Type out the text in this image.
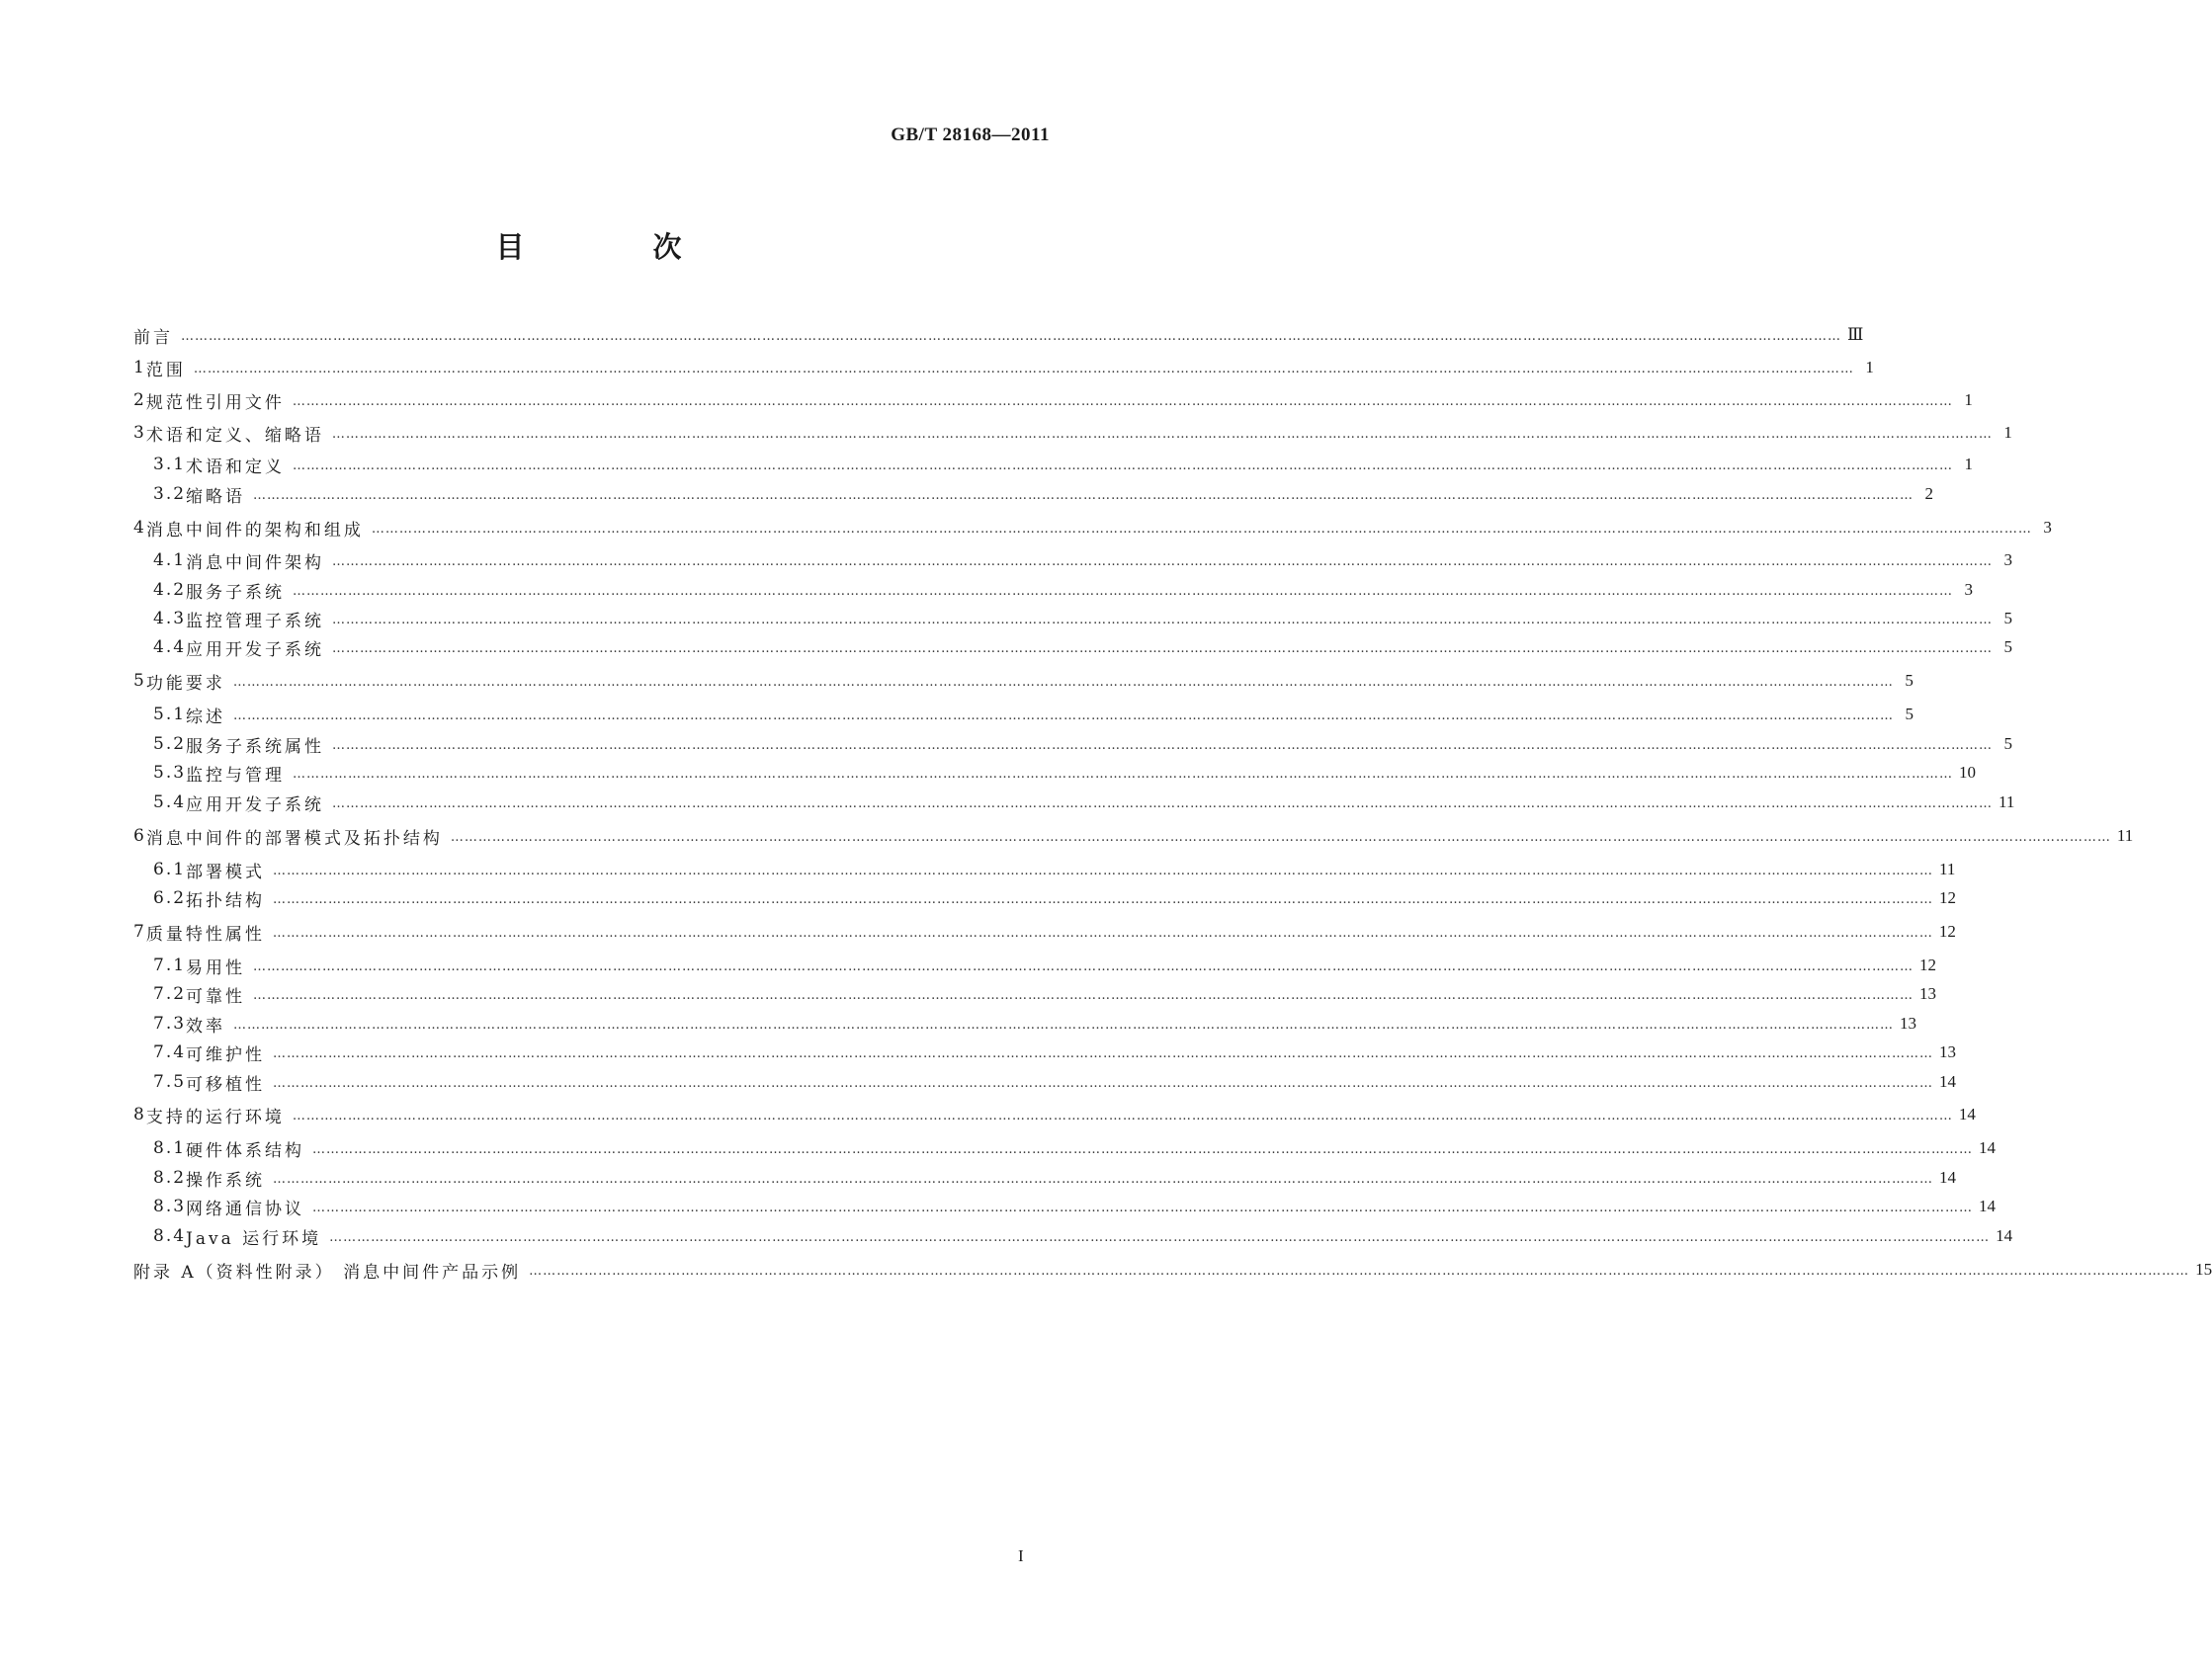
GB/T 28168—2011
目 次
前言 ……………………………………………………………………………………………………………………………………………………………………………………………………………………………………………………………………………………………………………………………… Ⅲ
1 范围 ……………………………………………………………………………………………………………………………………………………………………………………………………………………………………………………………………………………………………………………………… 1
2 规范性引用文件 ……………………………………………………………………………………………………………………………………………………………………………………………………………………………………………………………………………………………………………………………… 1
3 术语和定义、缩略语 ……………………………………………………………………………………………………………………………………………………………………………………………………………………………………………………………………………………………………………………………… 1
3.1 术语和定义 ……………………………………………………………………………………………………………………………………………………………………………………………………………………………………………………………………………………………………………………………… 1
3.2 缩略语 ……………………………………………………………………………………………………………………………………………………………………………………………………………………………………………………………………………………………………………………………… 2
4 消息中间件的架构和组成 ……………………………………………………………………………………………………………………………………………………………………………………………………………………………………………………………………………………………………………………………… 3
4.1 消息中间件架构 ……………………………………………………………………………………………………………………………………………………………………………………………………………………………………………………………………………………………………………………………… 3
4.2 服务子系统 ……………………………………………………………………………………………………………………………………………………………………………………………………………………………………………………………………………………………………………………………… 3
4.3 监控管理子系统 ……………………………………………………………………………………………………………………………………………………………………………………………………………………………………………………………………………………………………………………………… 5
4.4 应用开发子系统 ……………………………………………………………………………………………………………………………………………………………………………………………………………………………………………………………………………………………………………………………… 5
5 功能要求 ……………………………………………………………………………………………………………………………………………………………………………………………………………………………………………………………………………………………………………………………… 5
5.1 综述 ……………………………………………………………………………………………………………………………………………………………………………………………………………………………………………………………………………………………………………………………… 5
5.2 服务子系统属性 ……………………………………………………………………………………………………………………………………………………………………………………………………………………………………………………………………………………………………………………………… 5
5.3 监控与管理 ……………………………………………………………………………………………………………………………………………………………………………………………………………………………………………………………………………………………………………………………… 10
5.4 应用开发子系统 ……………………………………………………………………………………………………………………………………………………………………………………………………………………………………………………………………………………………………………………………… 11
6 消息中间件的部署模式及拓扑结构 ……………………………………………………………………………………………………………………………………………………………………………………………………………………………………………………………………………………………………………………………… 11
6.1 部署模式 ……………………………………………………………………………………………………………………………………………………………………………………………………………………………………………………………………………………………………………………………… 11
6.2 拓扑结构 ……………………………………………………………………………………………………………………………………………………………………………………………………………………………………………………………………………………………………………………………… 12
7 质量特性属性 ……………………………………………………………………………………………………………………………………………………………………………………………………………………………………………………………………………………………………………………………… 12
7.1 易用性 ……………………………………………………………………………………………………………………………………………………………………………………………………………………………………………………………………………………………………………………………… 12
7.2 可靠性 ……………………………………………………………………………………………………………………………………………………………………………………………………………………………………………………………………………………………………………………………… 13
7.3 效率 ……………………………………………………………………………………………………………………………………………………………………………………………………………………………………………………………………………………………………………………………… 13
7.4 可维护性 ……………………………………………………………………………………………………………………………………………………………………………………………………………………………………………………………………………………………………………………………… 13
7.5 可移植性 ……………………………………………………………………………………………………………………………………………………………………………………………………………………………………………………………………………………………………………………………… 14
8 支持的运行环境 ……………………………………………………………………………………………………………………………………………………………………………………………………………………………………………………………………………………………………………………………… 14
8.1 硬件体系结构 ……………………………………………………………………………………………………………………………………………………………………………………………………………………………………………………………………………………………………………………………… 14
8.2 操作系统 ……………………………………………………………………………………………………………………………………………………………………………………………………………………………………………………………………………………………………………………………… 14
8.3 网络通信协议 ……………………………………………………………………………………………………………………………………………………………………………………………………………………………………………………………………………………………………………………………… 14
8.4 Java 运行环境 ……………………………………………………………………………………………………………………………………………………………………………………………………………………………………………………………………………………………………………………………… 14
附录 A（资料性附录） 消息中间件产品示例 ……………………………………………………………………………………………………………………………………………………………………………………………………………………………………………………………………………………………………………………………… 15
I
